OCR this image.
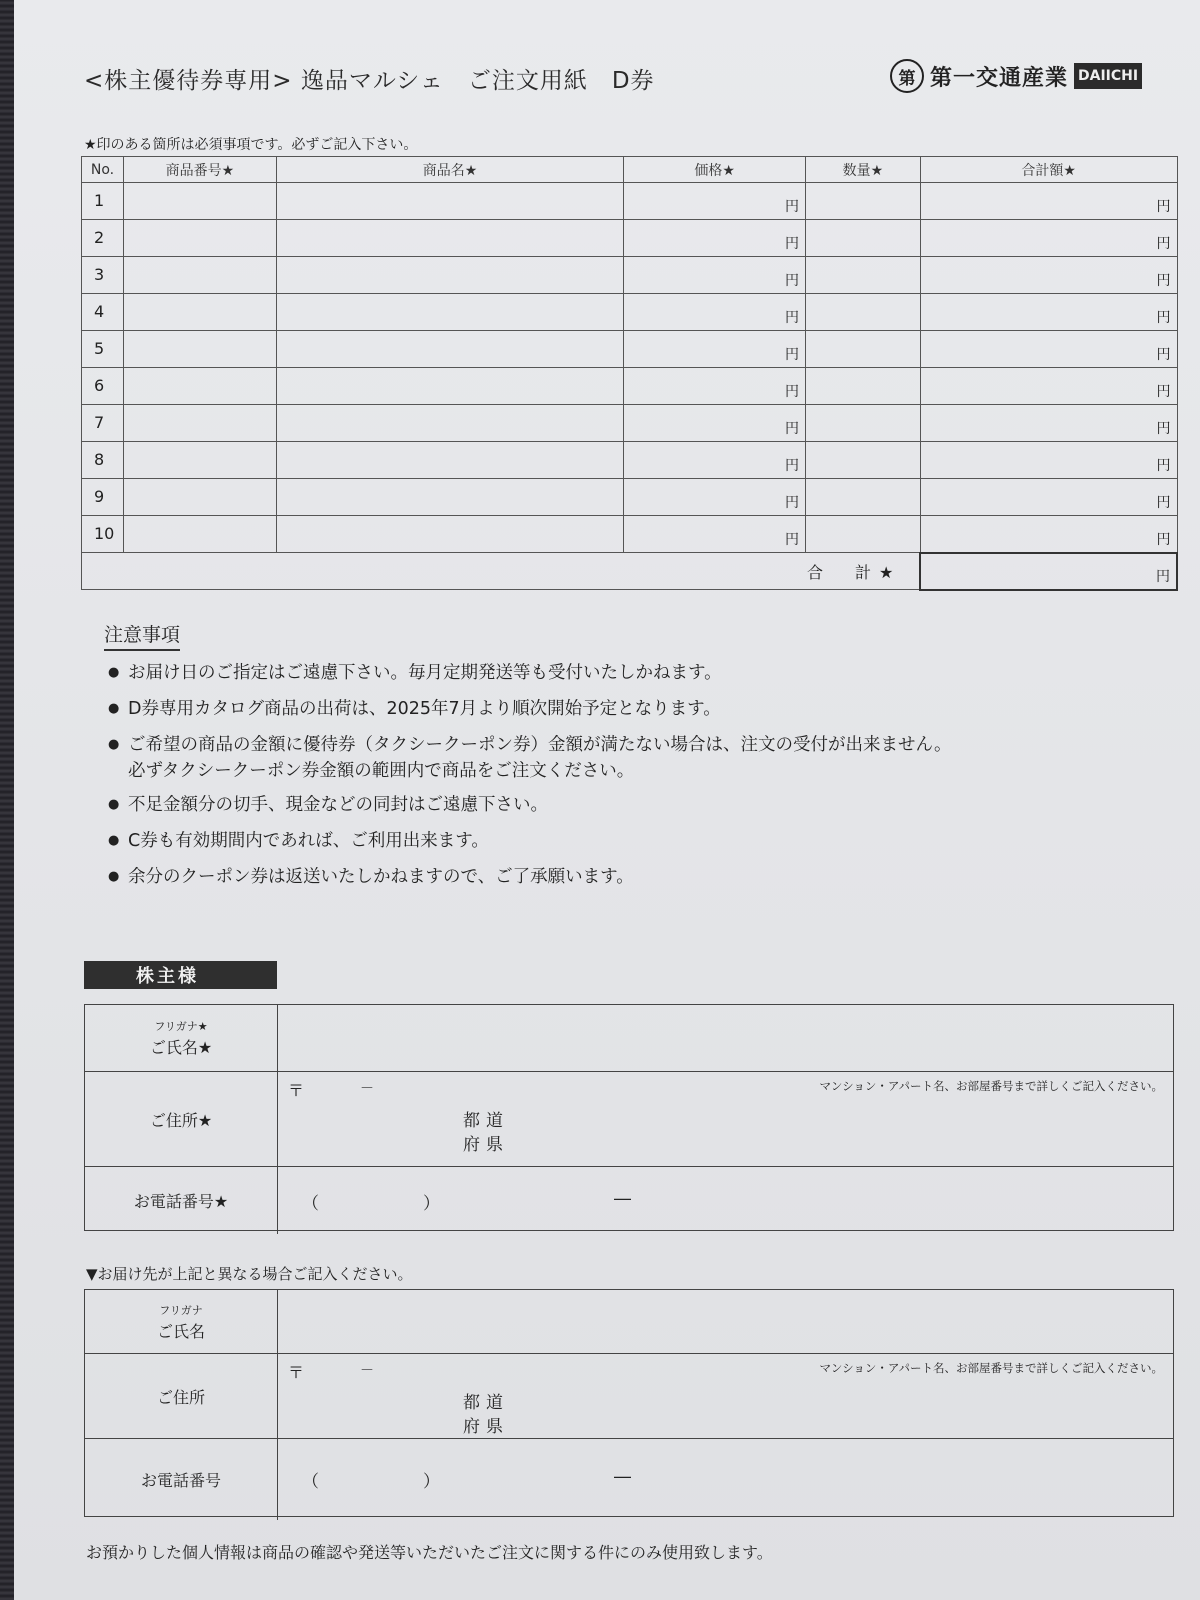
<株主優待券専用> 逸品マルシェ　ご注文用紙　D券	第 第一交通産業 DAIICHI
★印のある箇所は必須事項です。必ずご記入下さい。
No.	商品番号★	商品名★	価格★	数量★	合計額★
1			円		円

2			円		円

3			円		円

4			円		円

5			円		円

6			円		円

7			円		円

8			円		円

9			円		円

10			円		円

合　計★					円
注意事項
● お届け日のご指定はご遠慮下さい。毎月定期発送等も受付いたしかねます。
● D券専用カタログ商品の出荷は、2025年7月より順次開始予定となります。
● ご希望の商品の金額に優待券（タクシークーポン券）金額が満たない場合は、注文の受付が出来ません。
必ずタクシークーポン券金額の範囲内で商品をご注文ください。
● 不足金額分の切手、現金などの同封はご遠慮下さい。
● C券も有効期間内であれば、ご利用出来ます。
● 余分のクーポン券は返送いたしかねますので、ご了承願います。
株主様
フリガナ★
ご氏名★
ご住所★
〒	－	マンション・アパート名、お部屋番号まで詳しくご記入ください。
都道
府県
お電話番号★	（	）	―
▼お届け先が上記と異なる場合ご記入ください。
フリガナ
ご氏名
ご住所
〒	－	マンション・アパート名、お部屋番号まで詳しくご記入ください。
都道
府県
お電話番号	（	）	―
お預かりした個人情報は商品の確認や発送等いただいたご注文に関する件にのみ使用致します。
